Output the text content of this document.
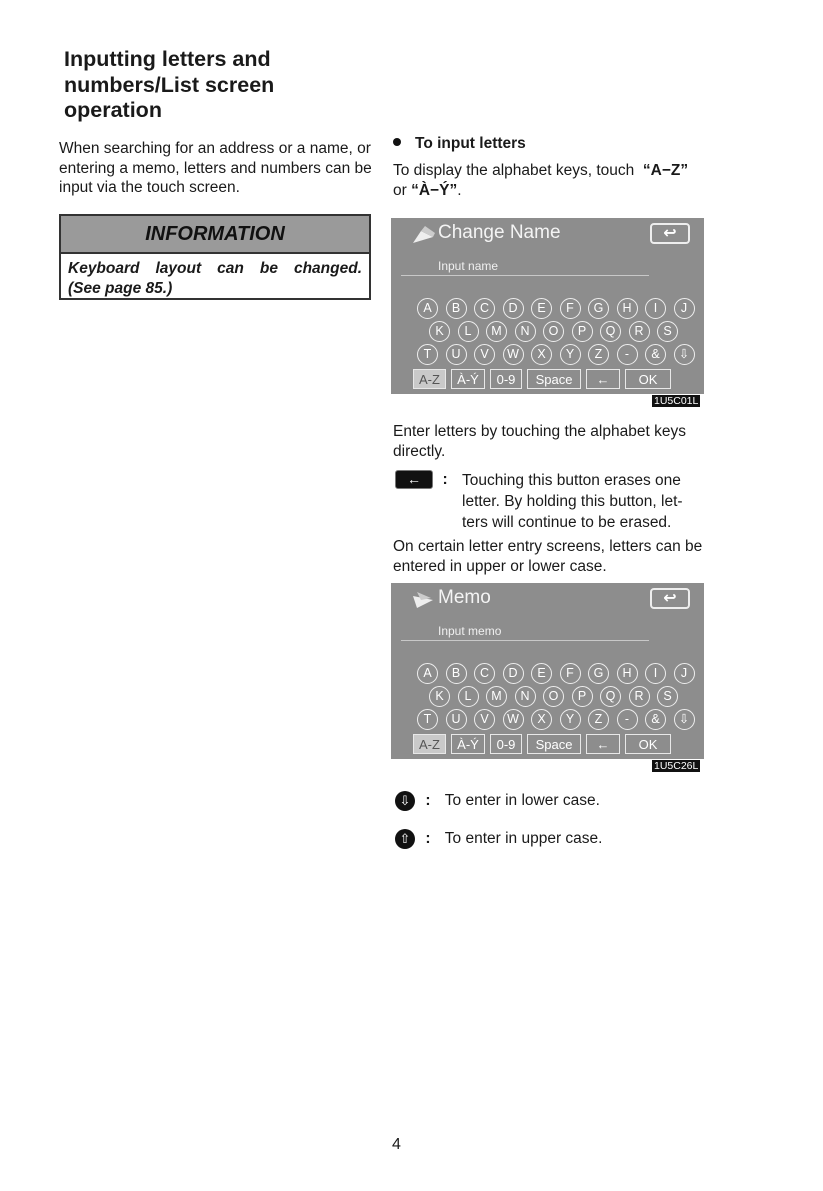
Inputting letters and
numbers/List screen
operation
When searching for an address or a name, or entering a memo, letters and numbers can be input via the touch screen.
INFORMATION
Keyboard layout can be changed.
(See page 85.)
To input letters
To display the alphabet keys, touch “A−Z”
or “À−Ý”.
Change Name	↩
Input name
A	B	C	D	E	F	G	H	I	J
K	L	M	N	O	P	Q	R	S
T	U	V	W	X	Y	Z	-	&	⇩
A-Z	À-Ý	0-9	Space	←	OK
1U5C01L
Enter letters by touching the alphabet keys directly.
← : Touching this button erases one
letter. By holding this button, let-
ters will continue to be erased.
On certain letter entry screens, letters can be entered in upper or lower case.
Memo	↩
Input memo
A	B	C	D	E	F	G	H	I	J
K	L	M	N	O	P	Q	R	S
T	U	V	W	X	Y	Z	-	&	⇩
A-Z	À-Ý	0-9	Space	←	OK
1U5C26L
⇩ : To enter in lower case.
⇧ : To enter in upper case.
4
